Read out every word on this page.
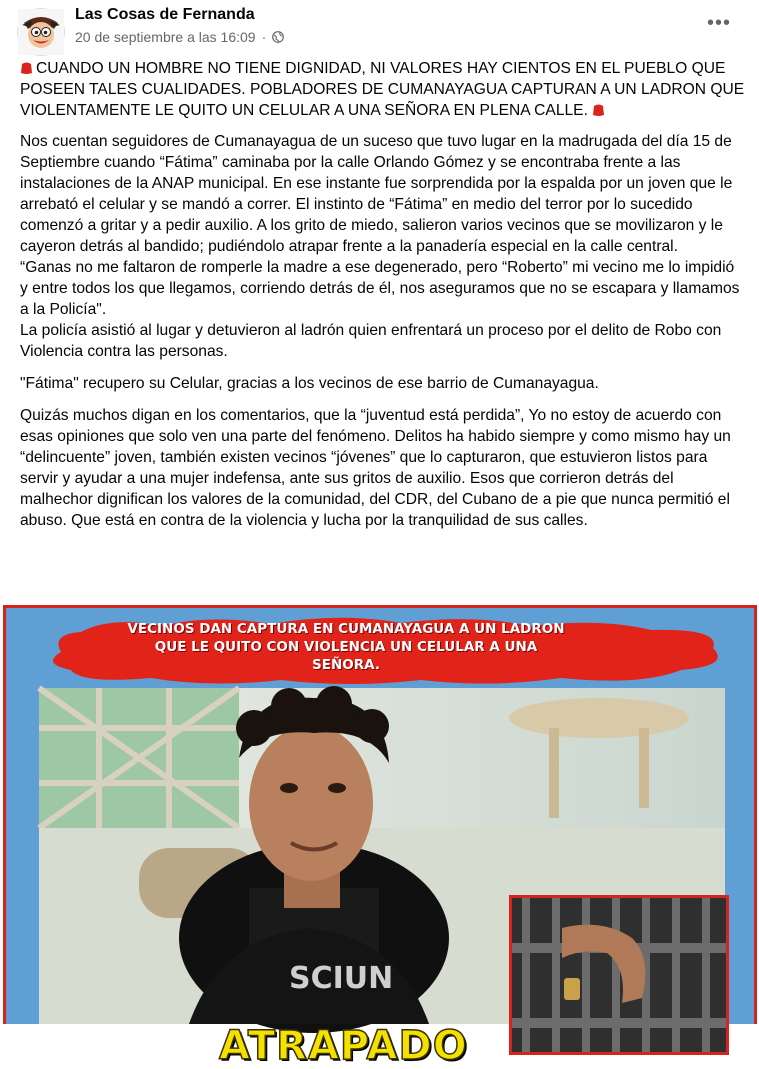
Las Cosas de Fernanda
20 de septiembre a las 16:09 ·
•••

CUANDO UN HOMBRE NO TIENE DIGNIDAD, NI VALORES HAY CIENTOS EN EL PUEBLO QUE POSEEN TALES CUALIDADES. POBLADORES DE CUMANAYAGUA CAPTURAN A UN LADRON QUE VIOLENTAMENTE LE QUITO UN CELULAR A UNA SEÑORA EN PLENA CALLE.

Nos cuentan seguidores de Cumanayagua de un suceso que tuvo lugar en la madrugada del día 15 de Septiembre cuando “Fátima” caminaba por la calle Orlando Gómez y se encontraba frente a las instalaciones de la ANAP municipal. En ese instante fue sorprendida por la espalda por un joven que le arrebató el celular y se mandó a correr. El instinto de “Fátima” en medio del terror por lo sucedido comenzó a gritar y a pedir auxilio. A los grito de miedo, salieron varios vecinos que se movilizaron y le cayeron detrás al bandido; pudiéndolo atrapar frente a la panadería especial en la calle central.
“Ganas no me faltaron de romperle la madre a ese degenerado, pero “Roberto” mi vecino me lo impidió y entre todos los que llegamos, corriendo detrás de él, nos aseguramos que no se escapara y llamamos a la Policía".
La policía asistió al lugar y detuvieron al ladrón quien enfrentará un proceso por el delito de Robo con Violencia contra las personas.

"Fátima" recupero su Celular, gracias a los vecinos de ese barrio de Cumanayagua.

Quizás muchos digan en los comentarios, que la “juventud está perdida”, Yo no estoy de acuerdo con esas opiniones que solo ven una parte del fenómeno. Delitos ha habido siempre y como mismo hay un “delincuente” joven, también existen vecinos “jóvenes” que lo capturaron, que estuvieron listos para servir y ayudar a una mujer indefensa, ante sus gritos de auxilio. Esos que corrieron detrás del malhechor dignifican los valores de la comunidad, del CDR, del Cubano de a pie que nunca permitió el abuso. Que está en contra de la violencia y lucha por la tranquilidad de sus calles.

VECINOS DAN CAPTURA EN CUMANAYAGUA A UN LADRON
QUE LE QUITO CON VIOLENCIA UN CELULAR A UNA
SEÑORA.
SCIUN
ATRAPADO
